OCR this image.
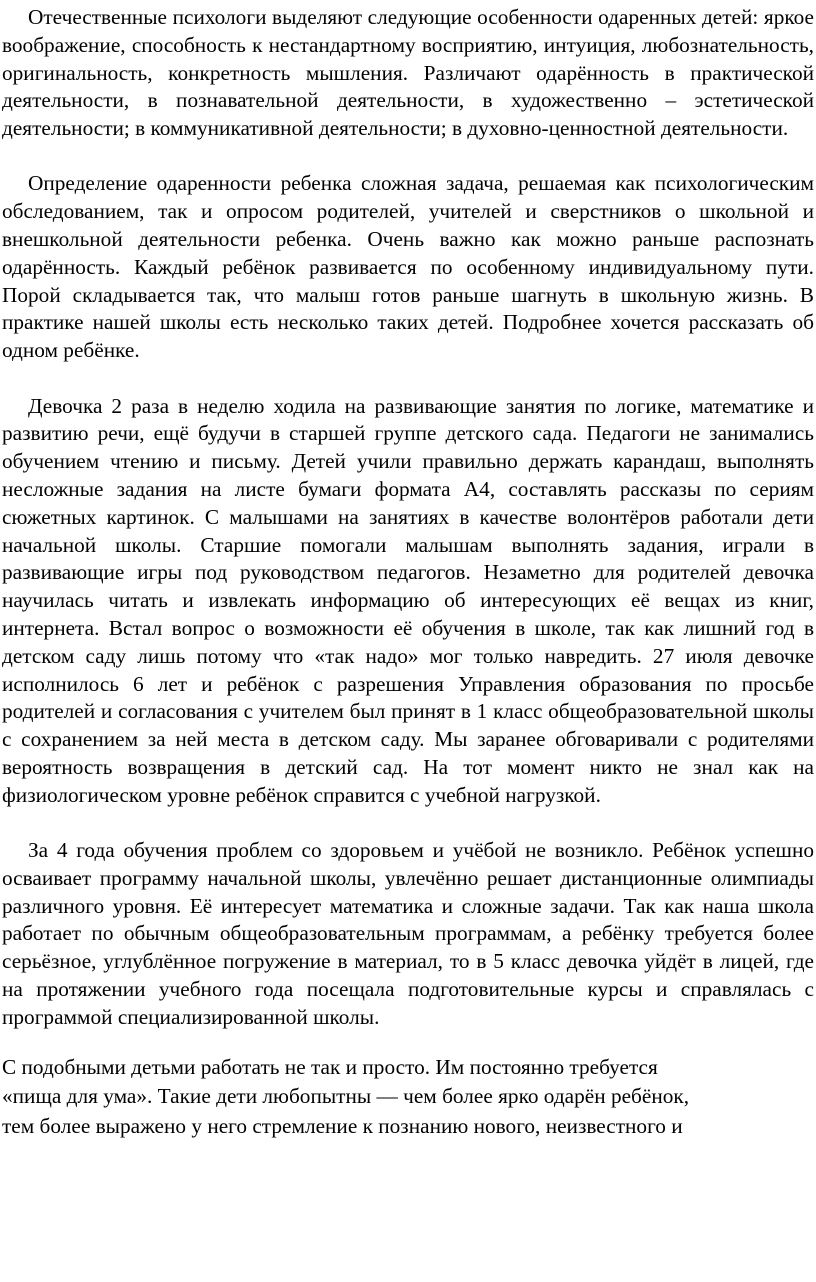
Отечественные психологи выделяют следующие особенности одаренных детей: яркое воображение, способность к нестандартному восприятию, интуиция, любознательность, оригинальность, конкретность мышления. Различают одарённость в практической деятельности, в познавательной деятельности, в художественно – эстетической деятельности; в коммуникативной деятельности; в духовно-ценностной деятельности.

Определение одаренности ребенка сложная задача, решаемая как психологическим обследованием, так и опросом родителей, учителей и сверстников о школьной и внешкольной деятельности ребенка. Очень важно как можно раньше распознать одарённость. Каждый ребёнок развивается по особенному индивидуальному пути. Порой складывается так, что малыш готов раньше шагнуть в школьную жизнь. В практике нашей школы есть несколько таких детей. Подробнее хочется рассказать об одном ребёнке.

Девочка 2 раза в неделю ходила на развивающие занятия по логике, математике и развитию речи, ещё будучи в старшей группе детского сада. Педагоги не занимались обучением чтению и письму. Детей учили правильно держать карандаш, выполнять несложные задания на листе бумаги формата А4, составлять рассказы по сериям сюжетных картинок. С малышами на занятиях в качестве волонтёров работали дети начальной школы. Старшие помогали малышам выполнять задания, играли в развивающие игры под руководством педагогов. Незаметно для родителей девочка научилась читать и извлекать информацию об интересующих её вещах из книг, интернета. Встал вопрос о возможности её обучения в школе, так как лишний год в детском саду лишь потому что «так надо» мог только навредить. 27 июля девочке исполнилось 6 лет и ребёнок с разрешения Управления образования по просьбе родителей и согласования с учителем был принят в 1 класс общеобразовательной школы с сохранением за ней места в детском саду. Мы заранее обговаривали с родителями вероятность возвращения в детский сад. На тот момент никто не знал как на физиологическом уровне ребёнок справится с учебной нагрузкой.

За 4 года обучения проблем со здоровьем и учёбой не возникло. Ребёнок успешно осваивает программу начальной школы, увлечённо решает дистанционные олимпиады различного уровня. Её интересует математика и сложные задачи. Так как наша школа работает по обычным общеобразовательным программам, а ребёнку требуется более серьёзное, углублённое погружение в материал, то в 5 класс девочка уйдёт в лицей, где на протяжении учебного года посещала подготовительные курсы и справлялась с программой специализированной школы.

С подобными детьми работать не так и просто. Им постоянно требуется
«пища для ума». Такие дети любопытны — чем более ярко одарён ребёнок,
тем более выражено у него стремление к познанию нового, неизвестного и
